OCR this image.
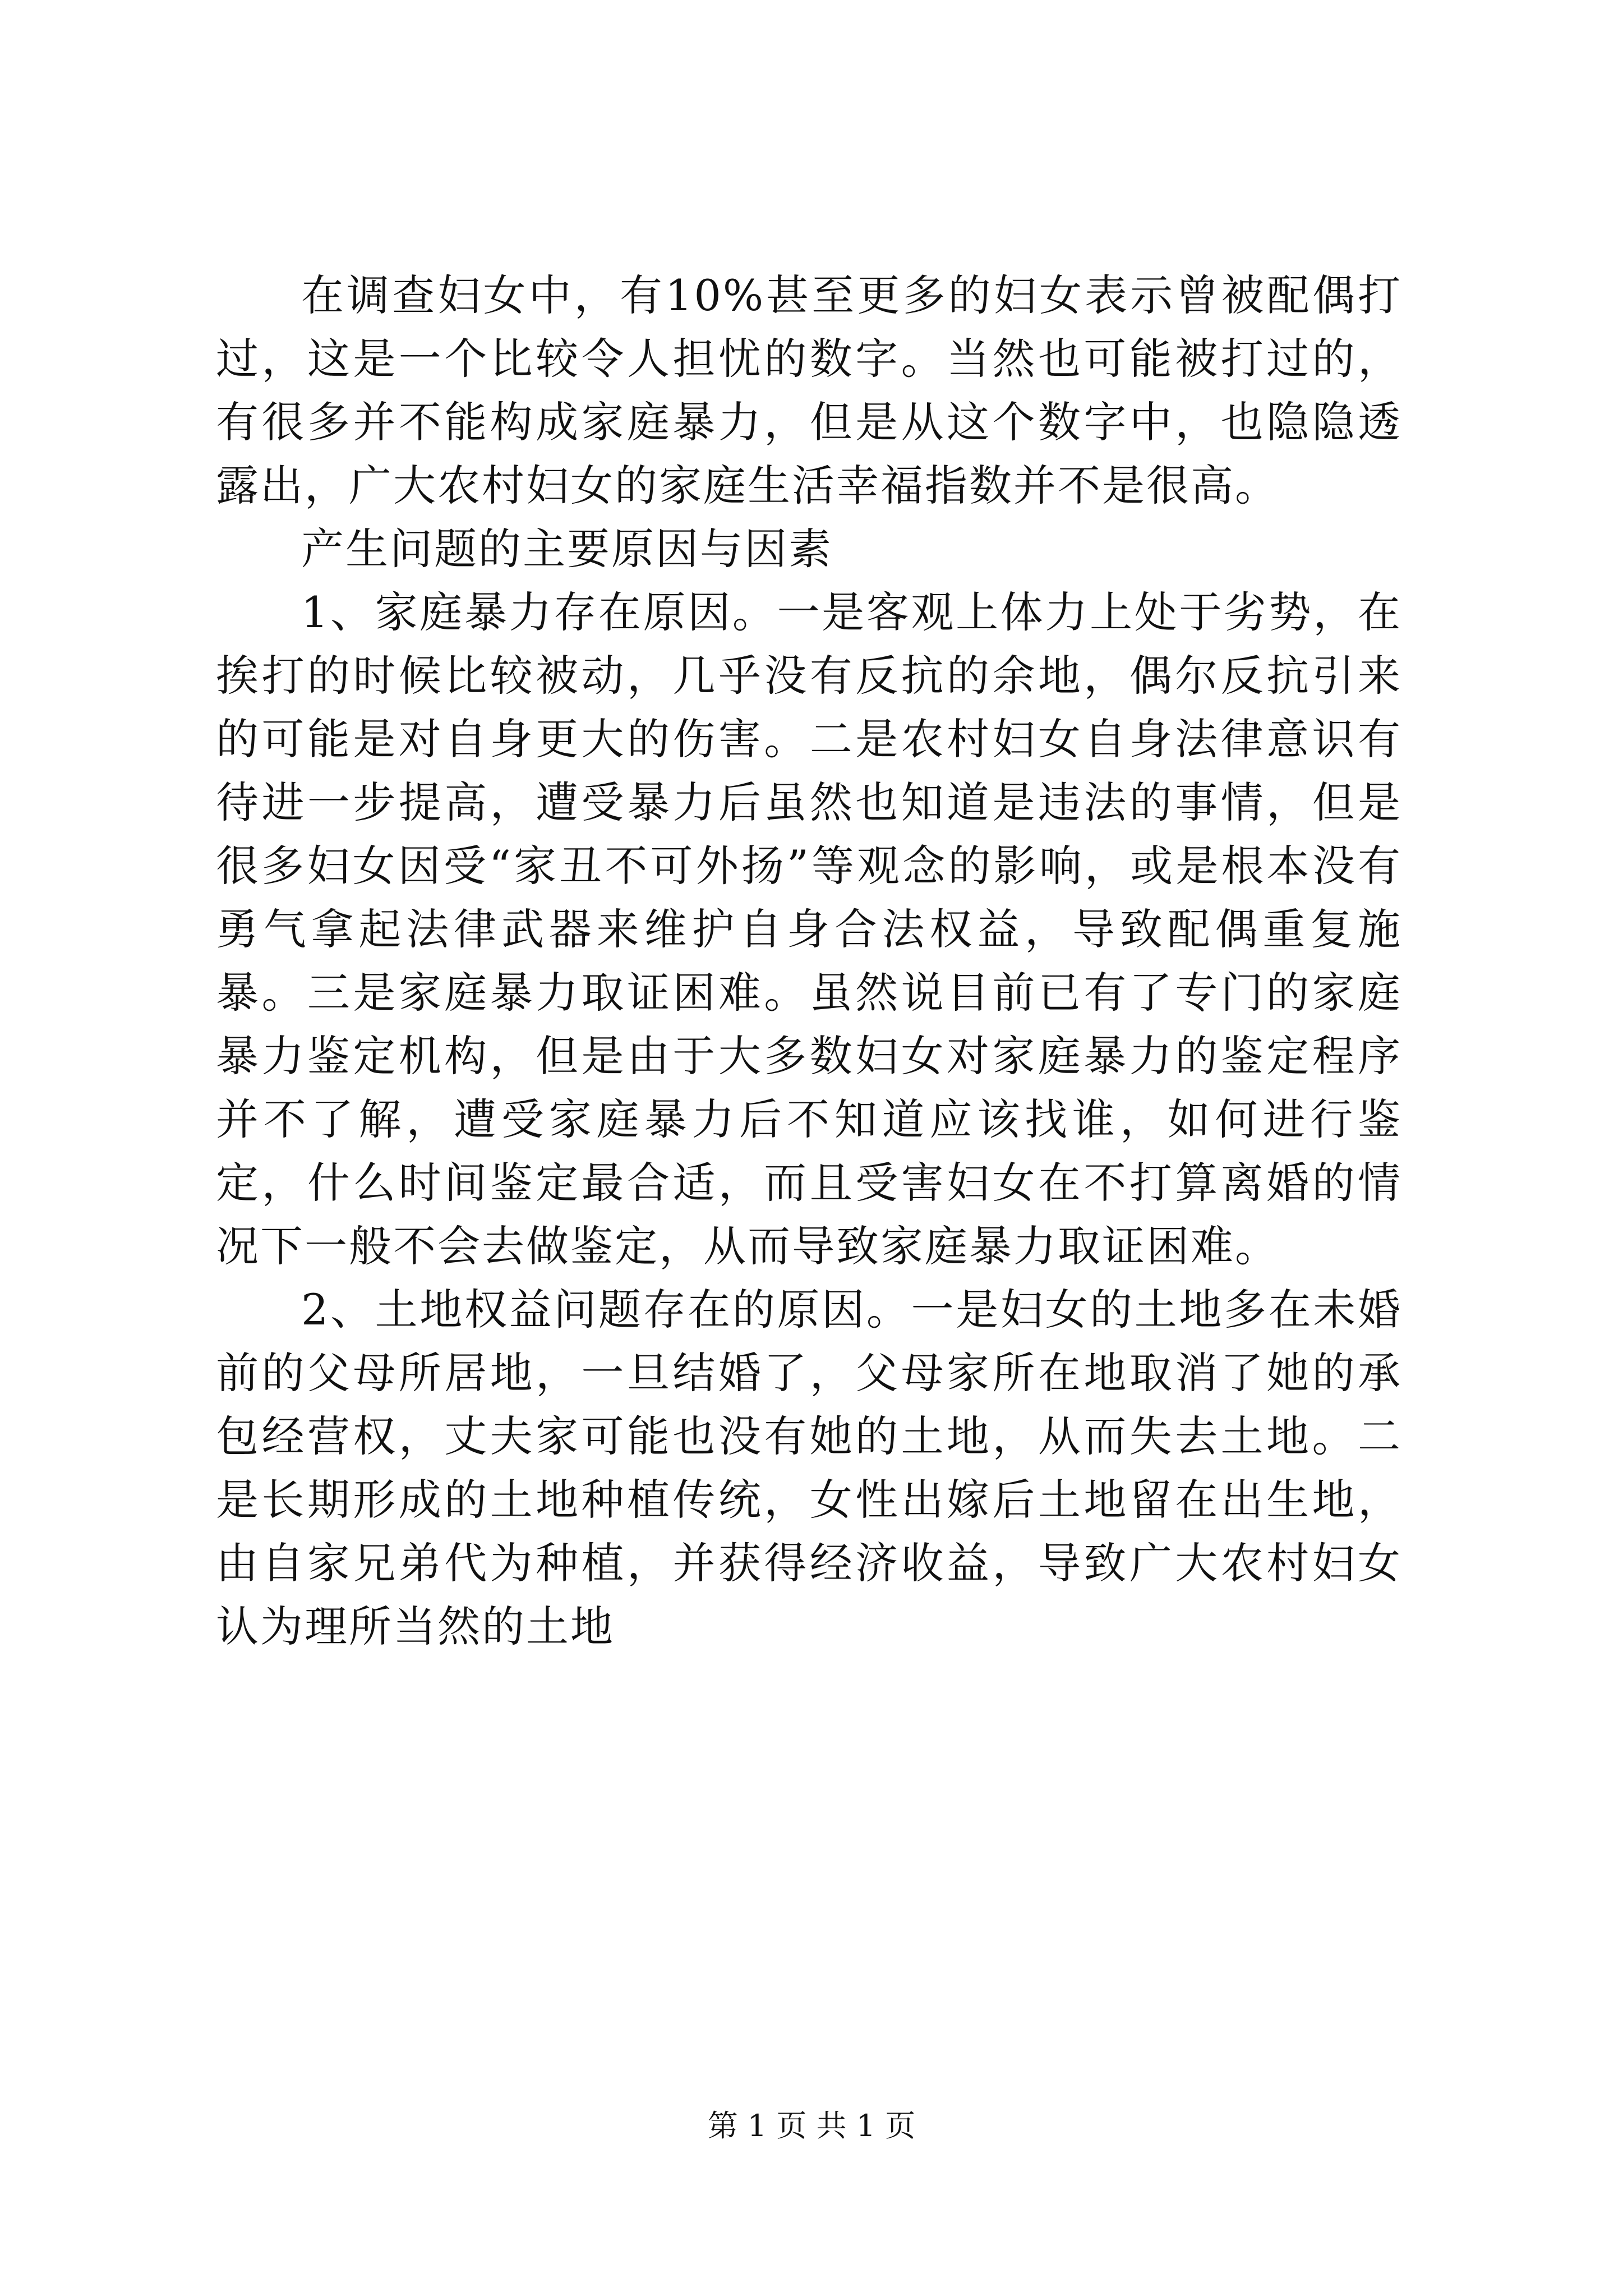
在调查妇女中，有10%甚至更多的妇女表示曾被配偶打过，这是一个比较令人担忧的数字。当然也可能被打过的，有很多并不能构成家庭暴力，但是从这个数字中，也隐隐透露出，广大农村妇女的家庭生活幸福指数并不是很高。

产生问题的主要原因与因素

1、家庭暴力存在原因。一是客观上体力上处于劣势，在挨打的时候比较被动，几乎没有反抗的余地，偶尔反抗引来的可能是对自身更大的伤害。二是农村妇女自身法律意识有待进一步提高，遭受暴力后虽然也知道是违法的事情，但是很多妇女因受“家丑不可外扬”等观念的影响，或是根本没有勇气拿起法律武器来维护自身合法权益，导致配偶重复施暴。三是家庭暴力取证困难。虽然说目前已有了专门的家庭暴力鉴定机构，但是由于大多数妇女对家庭暴力的鉴定程序并不了解，遭受家庭暴力后不知道应该找谁，如何进行鉴定，什么时间鉴定最合适，而且受害妇女在不打算离婚的情况下一般不会去做鉴定，从而导致家庭暴力取证困难。

2、土地权益问题存在的原因。一是妇女的土地多在未婚前的父母所居地，一旦结婚了，父母家所在地取消了她的承包经营权，丈夫家可能也没有她的土地，从而失去土地。二是长期形成的土地种植传统，女性出嫁后土地留在出生地，由自家兄弟代为种植，并获得经济收益，导致广大农村妇女认为理所当然的土地

第 1 页 共 1 页
